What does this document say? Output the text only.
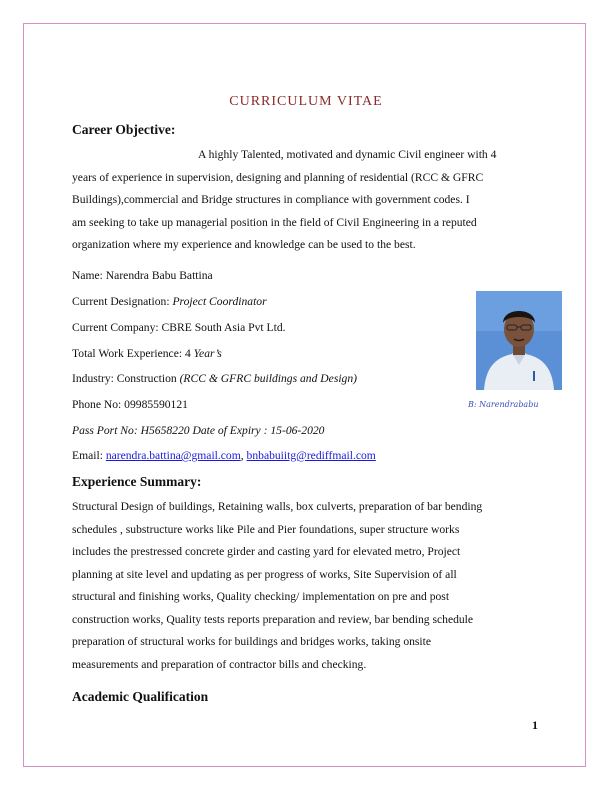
CURRICULUM VITAE
Career Objective:
A highly Talented, motivated and dynamic Civil engineer with 4
years of experience in supervision, designing and planning of residential (RCC & GFRC
Buildings),commercial and Bridge structures in compliance with government codes. I
am seeking to take up managerial position in the field of Civil Engineering in a reputed
organization where my experience and knowledge can be used to the best.
Name: Narendra Babu Battina
Current Designation: Project Coordinator
Current Company: CBRE South Asia Pvt Ltd.
Total Work Experience: 4 Year’s
Industry: Construction (RCC & GFRC buildings and Design)
Phone No: 09985590121
Pass Port No: H5658220 Date of Expiry : 15-06-2020
Email: narendra.battina@gmail.com, bnbabuiitg@rediffmail.com
B: Narendrababu
Experience Summary:
Structural Design of buildings, Retaining walls, box culverts, preparation of bar bending
schedules , substructure works like Pile and Pier foundations, super structure works
includes the prestressed concrete girder and casting yard for elevated metro, Project
planning at site level and updating as per progress of works, Site Supervision of all
structural and finishing works, Quality checking/ implementation on pre and post
construction works, Quality tests reports preparation and review, bar bending schedule
preparation of structural works for buildings and bridges works, taking onsite
measurements and preparation of contractor bills and checking.
Academic Qualification
1
